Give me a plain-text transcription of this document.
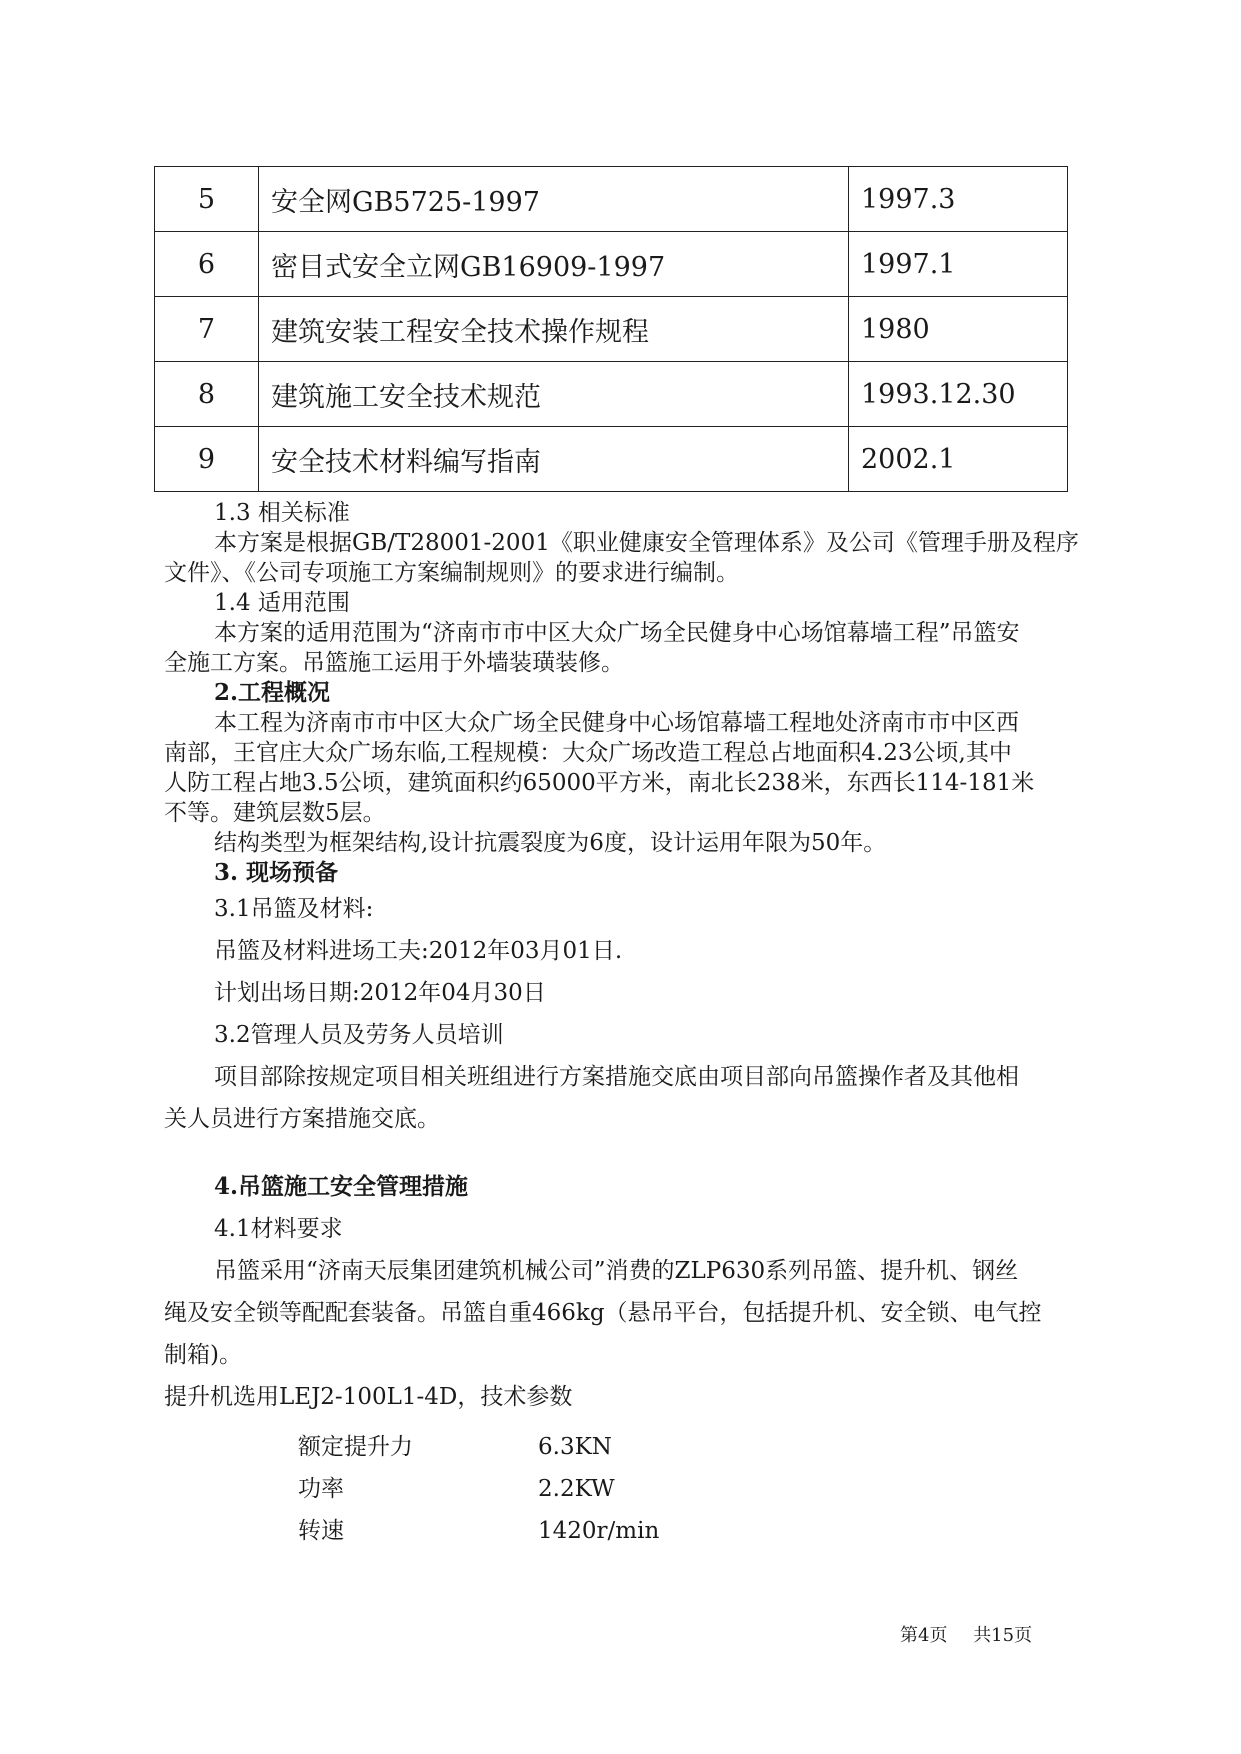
5	安全网GB5725-1997	1997.3
6	密目式安全立网GB16909-1997	1997.1
7	建筑安装工程安全技术操作规程	1980
8	建筑施工安全技术规范	1993.12.30
9	安全技术材料编写指南	2002.1
1.3 相关标准
本方案是根据GB/T28001-2001《职业健康安全管理体系》及公司《管理手册及程序
文件》、《公司专项施工方案编制规则》的要求进行编制。
1.4 适用范围
本方案的适用范围为“济南市市中区大众广场全民健身中心场馆幕墙工程”吊篮安
全施工方案。吊篮施工运用于外墙装璜装修。
2.工程概况
本工程为济南市市中区大众广场全民健身中心场馆幕墙工程地处济南市市中区西
南部，王官庄大众广场东临,工程规模：大众广场改造工程总占地面积4.23公顷,其中
人防工程占地3.5公顷，建筑面积约65000平方米，南北长238米，东西长114-181米
不等。建筑层数5层。
结构类型为框架结构,设计抗震裂度为6度，设计运用年限为50年。
3. 现场预备
3.1吊篮及材料:
吊篮及材料进场工夫:2012年03月01日.
计划出场日期:2012年04月30日
3.2管理人员及劳务人员培训
项目部除按规定项目相关班组进行方案措施交底由项目部向吊篮操作者及其他相
关人员进行方案措施交底。
4.吊篮施工安全管理措施
4.1材料要求
吊篮采用“济南天辰集团建筑机械公司”消费的ZLP630系列吊篮、提升机、钢丝
绳及安全锁等配配套装备。吊篮自重466kg（悬吊平台，包括提升机、安全锁、电气控
制箱)。
提升机选用LEJ2-100L1-4D，技术参数
额定提升力	6.3KN
功率	2.2KW
转速	1420r/min
第4页 共15页
